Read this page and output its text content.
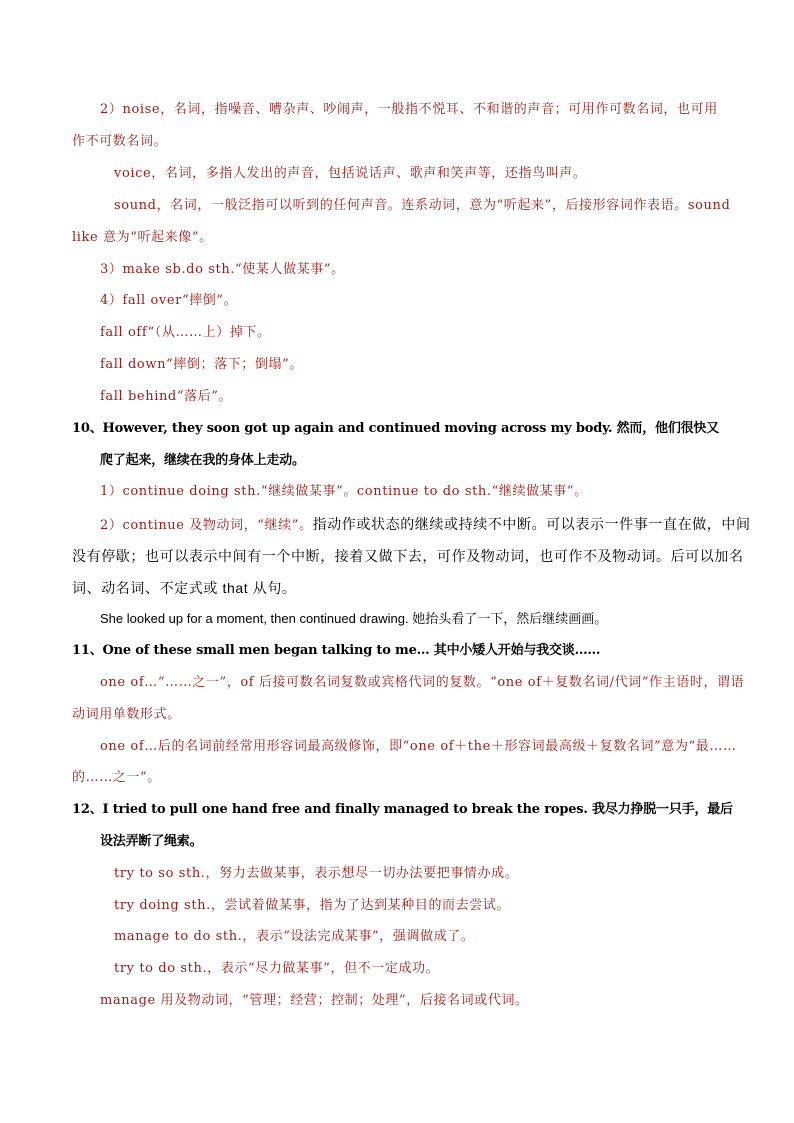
2）noise，名词，指噪音、嘈杂声、吵闹声，一般指不悦耳、不和谐的声音；可用作可数名词，也可用
作不可数名词。
voice，名词，多指人发出的声音，包括说话声、歌声和笑声等，还指鸟叫声。
sound，名词，一般泛指可以听到的任何声音。连系动词，意为“听起来”，后接形容词作表语。sound
like 意为“听起来像”。
3）make sb.do sth.“使某人做某事”。
4）fall over“摔倒”。
fall off“（从……上）掉下。
fall down“摔倒；落下；倒塌”。
fall behind“落后”。
10、However, they soon got up again and continued moving across my body. 然而，他们很快又
爬了起来，继续在我的身体上走动。
1）continue doing sth.“继续做某事”。continue to do sth.“继续做某事”。
2）continue 及物动词，“继续”。指动作或状态的继续或持续不中断。可以表示一件事一直在做，中间
没有停歇；也可以表示中间有一个中断，接着又做下去，可作及物动词，也可作不及物动词。后可以加名
词、动名词、不定式或 that 从句。
She looked up for a moment, then continued drawing. 她抬头看了一下，然后继续画画。
11、One of these small men began talking to me… 其中小矮人开始与我交谈……
one of…“……之一”，of 后接可数名词复数或宾格代词的复数。“one of＋复数名词/代词”作主语时，谓语
动词用单数形式。
one of…后的名词前经常用形容词最高级修饰，即“one of＋the＋形容词最高级＋复数名词”意为“最……
的……之一”。
12、I tried to pull one hand free and finally managed to break the ropes. 我尽力挣脱一只手，最后
设法弄断了绳索。
try to so sth.，努力去做某事，表示想尽一切办法要把事情办成。
try doing sth.，尝试着做某事，指为了达到某种目的而去尝试。
manage to do sth.，表示“设法完成某事”，强调做成了。
try to do sth.，表示“尽力做某事”，但不一定成功。
manage 用及物动词，“管理；经营；控制；处理”，后接名词或代词。
